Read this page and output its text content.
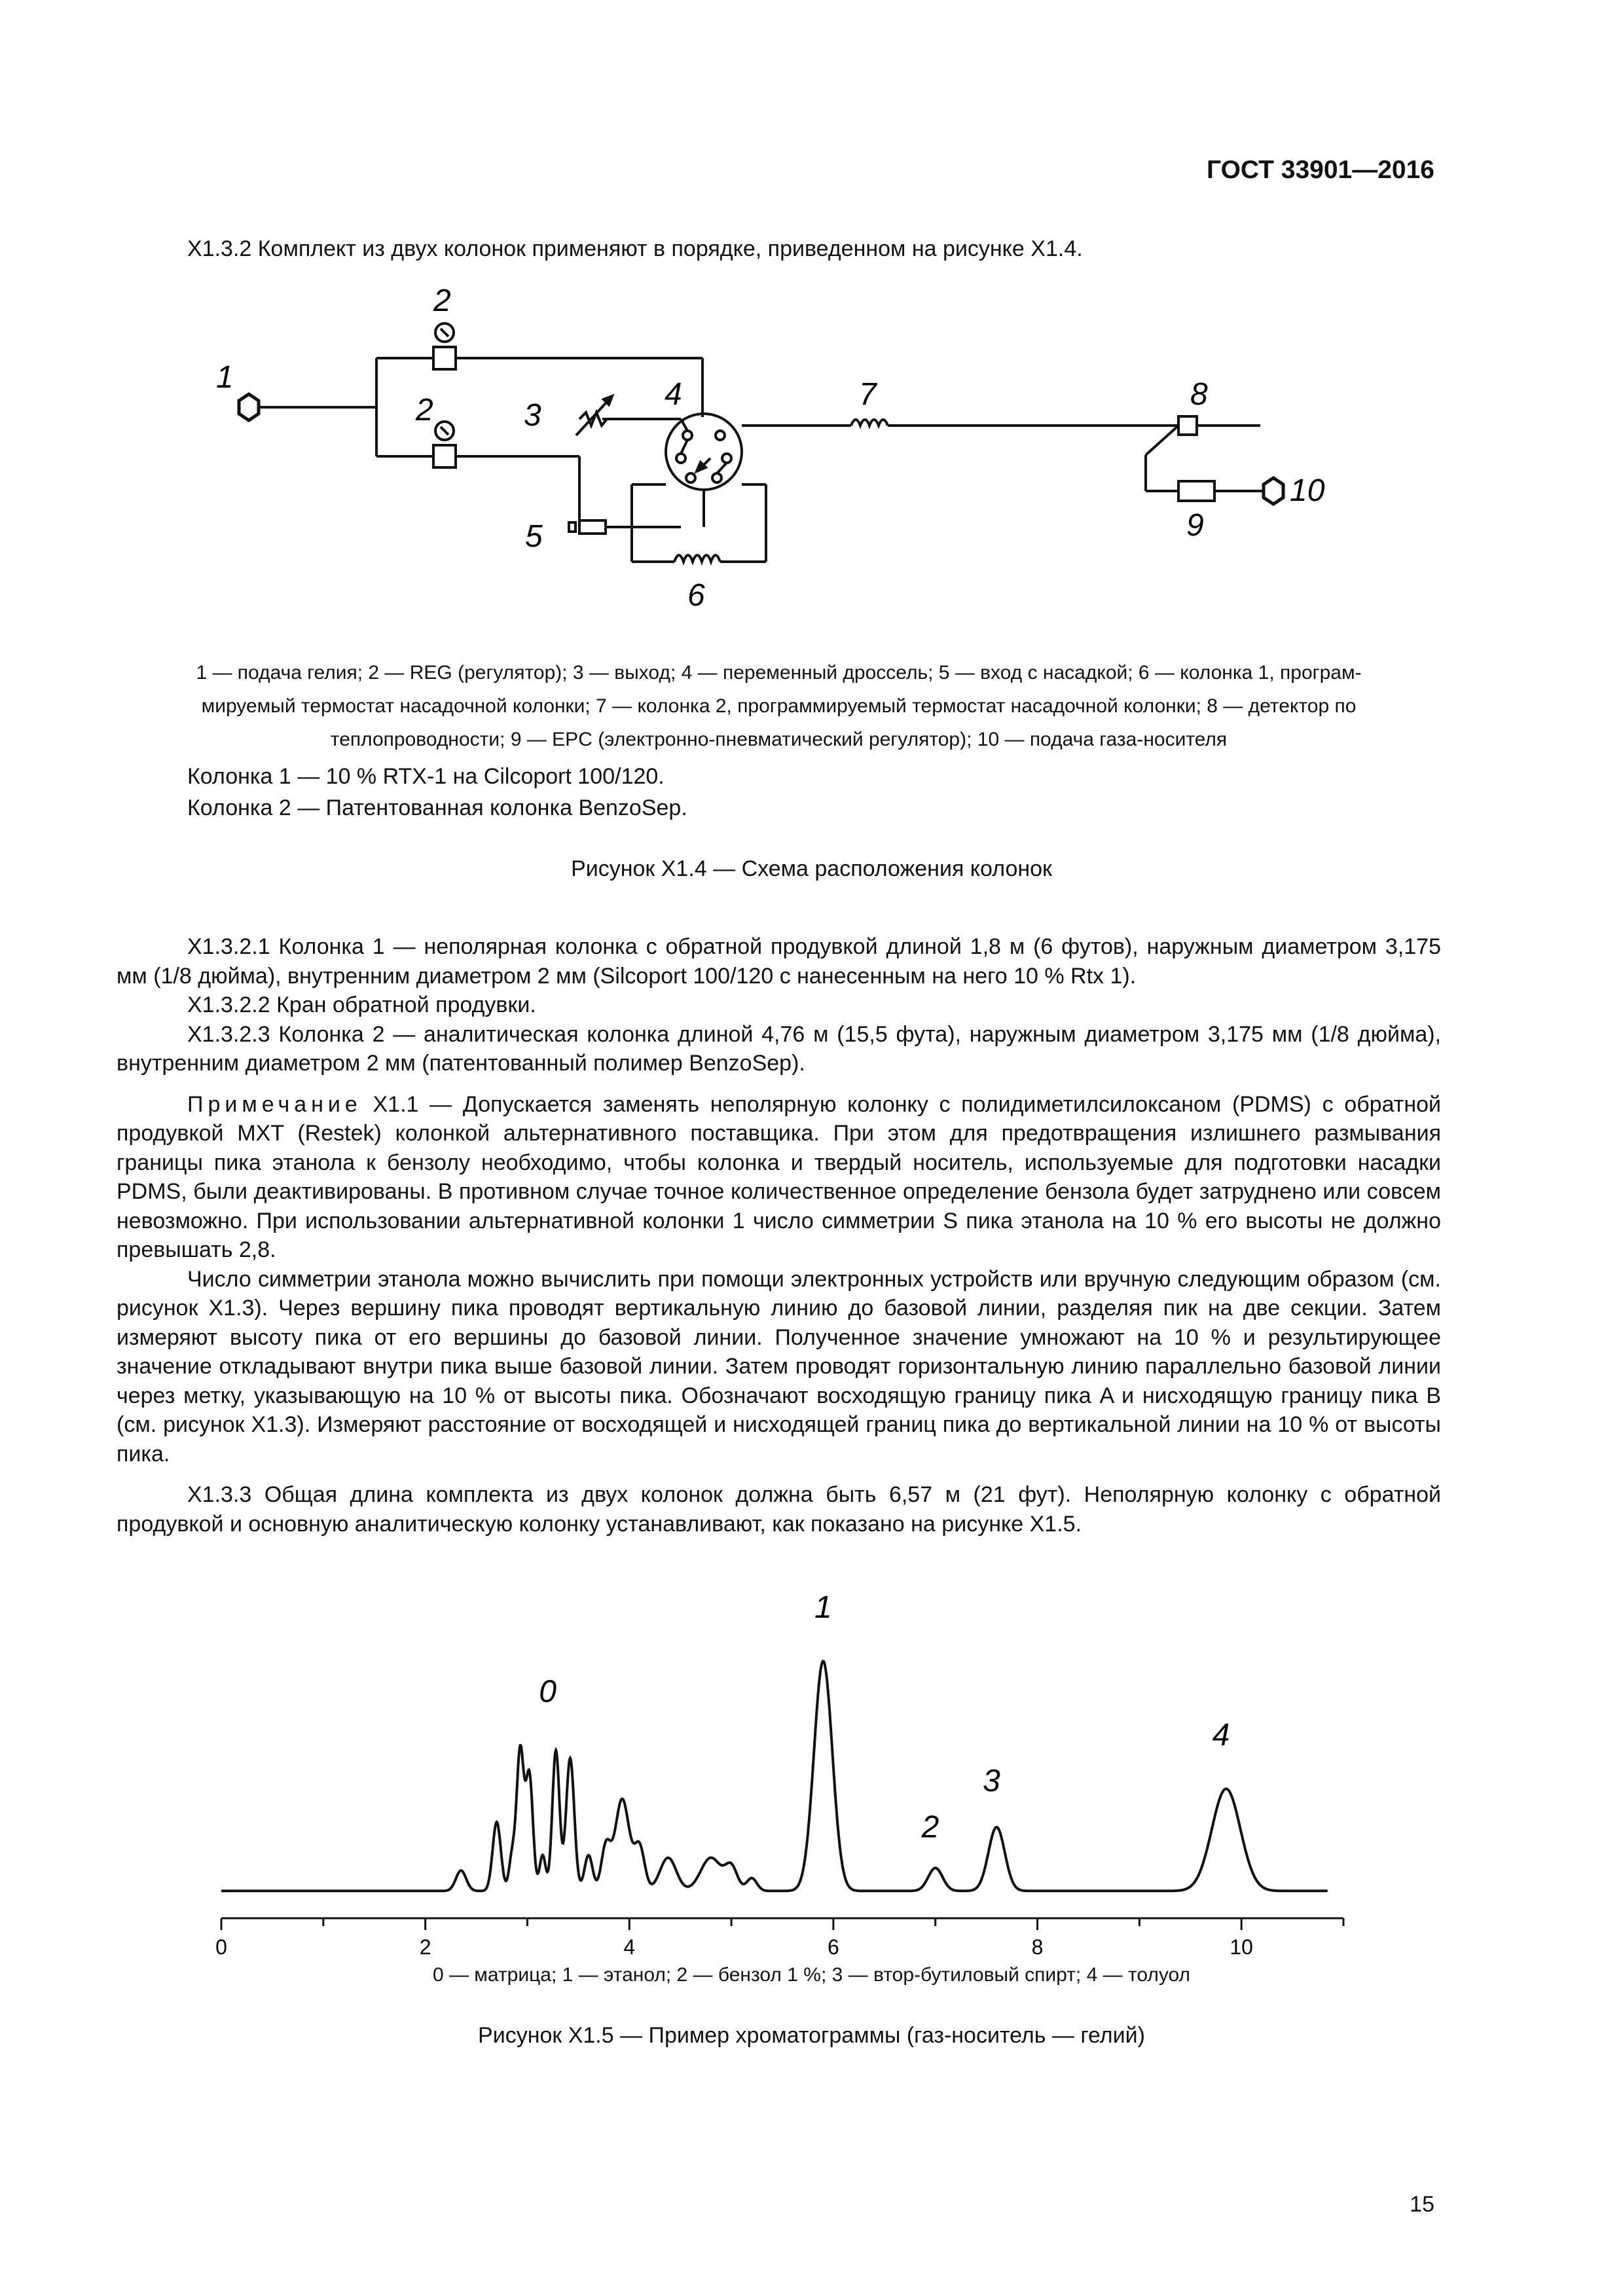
ГОСТ 33901—2016

X1.3.2 Комплект из двух колонок применяют в порядке, приведенном на рисунке X1.4.

1
2
2	3
4
5
6
7	8
9
10
1 — подача гелия; 2 — REG (регулятор); 3 — выход; 4 — переменный дроссель; 5 — вход с насадкой; 6 — колонка 1, програм-
мируемый термостат насадочной колонки; 7 — колонка 2, программируемый термостат насадочной колонки; 8 — детектор по
теплопроводности; 9 — EPC (электронно-пневматический регулятор); 10 — подача газа-носителя
Колонка 1 — 10 % RTX-1 на Cilcoport 100/120.
Колонка 2 — Патентованная колонка BenzoSep.
Рисунок X1.4 — Схема расположения колонок

X1.3.2.1 Колонка 1 — неполярная колонка с обратной продувкой длиной 1,8 м (6 футов), наружным диаметром 3,175 мм (1/8 дюйма), внутренним диаметром 2 мм (Silcoport 100/120 с нанесенным на него 10 % Rtx 1).

X1.3.2.2 Кран обратной продувки.

X1.3.2.3 Колонка 2 — аналитическая колонка длиной 4,76 м (15,5 фута), наружным диаметром 3,175 мм (1/8 дюйма), внутренним диаметром 2 мм (патентованный полимер BenzoSep).

Примечание X1.1 — Допускается заменять неполярную колонку с полидиметилсилоксаном (PDMS) с обратной продувкой MXT (Restek) колонкой альтернативного поставщика. При этом для предотвращения излишнего размывания границы пика этанола к бензолу необходимо, чтобы колонка и твердый носитель, используемые для подготовки насадки PDMS, были деактивированы. В противном случае точное количественное определение бензола будет затруднено или совсем невозможно. При использовании альтернативной колонки 1 число симметрии S пика этанола на 10 % его высоты не должно превышать 2,8.

Число симметрии этанола можно вычислить при помощи электронных устройств или вручную следующим образом (см. рисунок X1.3). Через вершину пика проводят вертикальную линию до базовой линии, разделяя пик на две секции. Затем измеряют высоту пика от его вершины до базовой линии. Полученное значение умножают на 10 % и результирующее значение откладывают внутри пика выше базовой линии. Затем проводят горизонтальную линию параллельно базовой линии через метку, указывающую на 10 % от высоты пика. Обозначают восходящую границу пика A и нисходящую границу пика B (см. рисунок X1.3). Измеряют расстояние от восходящей и нисходящей границ пика до вертикальной линии на 10 % от высоты пика.

X1.3.3 Общая длина комплекта из двух колонок должна быть 6,57 м (21 фут). Неполярную колонку с обратной продувкой и основную аналитическую колонку устанавливают, как показано на рисунке X1.5.

0	2	4	6	8	10
0
1
2
3
4
0 — матрица; 1 — этанол; 2 — бензол 1 %; 3 — втор-бутиловый спирт; 4 — толуол
Рисунок X1.5 — Пример хроматограммы (газ-носитель — гелий)
15
